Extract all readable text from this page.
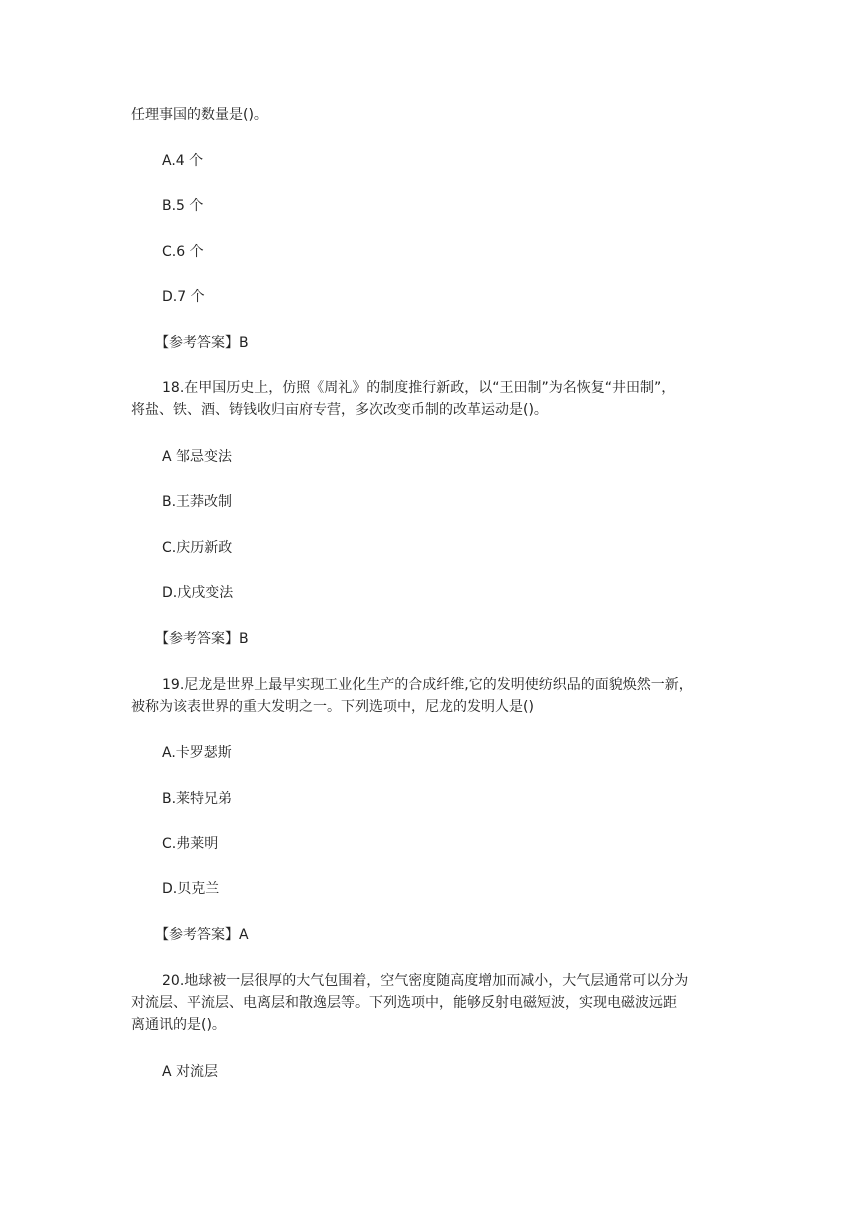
任理事国的数量是()。
A.4 个
B.5 个
C.6 个
D.7 个
【参考答案】B
18.在甲国历史上，仿照《周礼》的制度推行新政，以“王田制”为名恢复“井田制”，
将盐、铁、酒、铸钱收归亩府专营，多次改变币制的改革运动是()。
A 邹忌变法
B.王莽改制
C.庆历新政
D.戊戌变法
【参考答案】B
19.尼龙是世界上最早实现工业化生产的合成纤维,它的发明使纺织品的面貌焕然一新，
被称为该表世界的重大发明之一。下列选项中，尼龙的发明人是()
A.卡罗瑟斯
B.莱特兄弟
C.弗莱明
D.贝克兰
【参考答案】A
20.地球被一层很厚的大气包围着，空气密度随高度增加而减小，大气层通常可以分为
对流层、平流层、电离层和散逸层等。下列选项中，能够反射电磁短波，实现电磁波远距
离通讯的是()。
A 对流层
